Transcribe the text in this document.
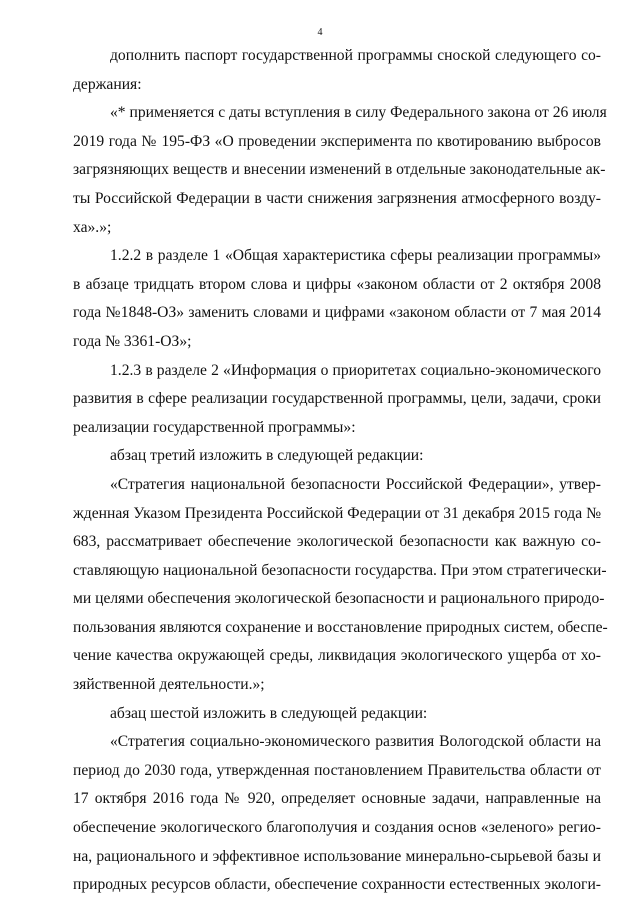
4

дополнить паспорт государственной программы сноской следующего со-
держания:

«* применяется с даты вступления в силу Федерального закона от 26 июля
2019 года № 195-ФЗ «О проведении эксперимента по квотированию выбросов
загрязняющих веществ и внесении изменений в отдельные законодательные ак-
ты Российской Федерации в части снижения загрязнения атмосферного возду-
ха».»;

1.2.2 в разделе 1 «Общая характеристика сферы реализации программы»
в абзаце тридцать втором слова и цифры «законом области от 2 октября 2008
года №1848-ОЗ» заменить словами и цифрами «законом области от 7 мая 2014
года № 3361-ОЗ»;

1.2.3 в разделе 2 «Информация о приоритетах социально-экономического
развития в сфере реализации государственной программы, цели, задачи, сроки
реализации государственной программы»:

абзац третий изложить в следующей редакции:

«Стратегия национальной безопасности Российской Федерации», утвер-
жденная Указом Президента Российской Федерации от 31 декабря 2015 года №
683, рассматривает обеспечение экологической безопасности как важную со-
ставляющую национальной безопасности государства. При этом стратегически-
ми целями обеспечения экологической безопасности и рационального природо-
пользования являются сохранение и восстановление природных систем, обеспе-
чение качества окружающей среды, ликвидация экологического ущерба от хо-
зяйственной деятельности.»;

абзац шестой изложить в следующей редакции:

«Стратегия социально-экономического развития Вологодской области на
период до 2030 года, утвержденная постановлением Правительства области от
17 октября 2016 года № 920, определяет основные задачи, направленные на
обеспечение экологического благополучия и создания основ «зеленого» регио-
на, рационального и эффективное использование минерально-сырьевой базы и
природных ресурсов области, обеспечение сохранности естественных экологи-
